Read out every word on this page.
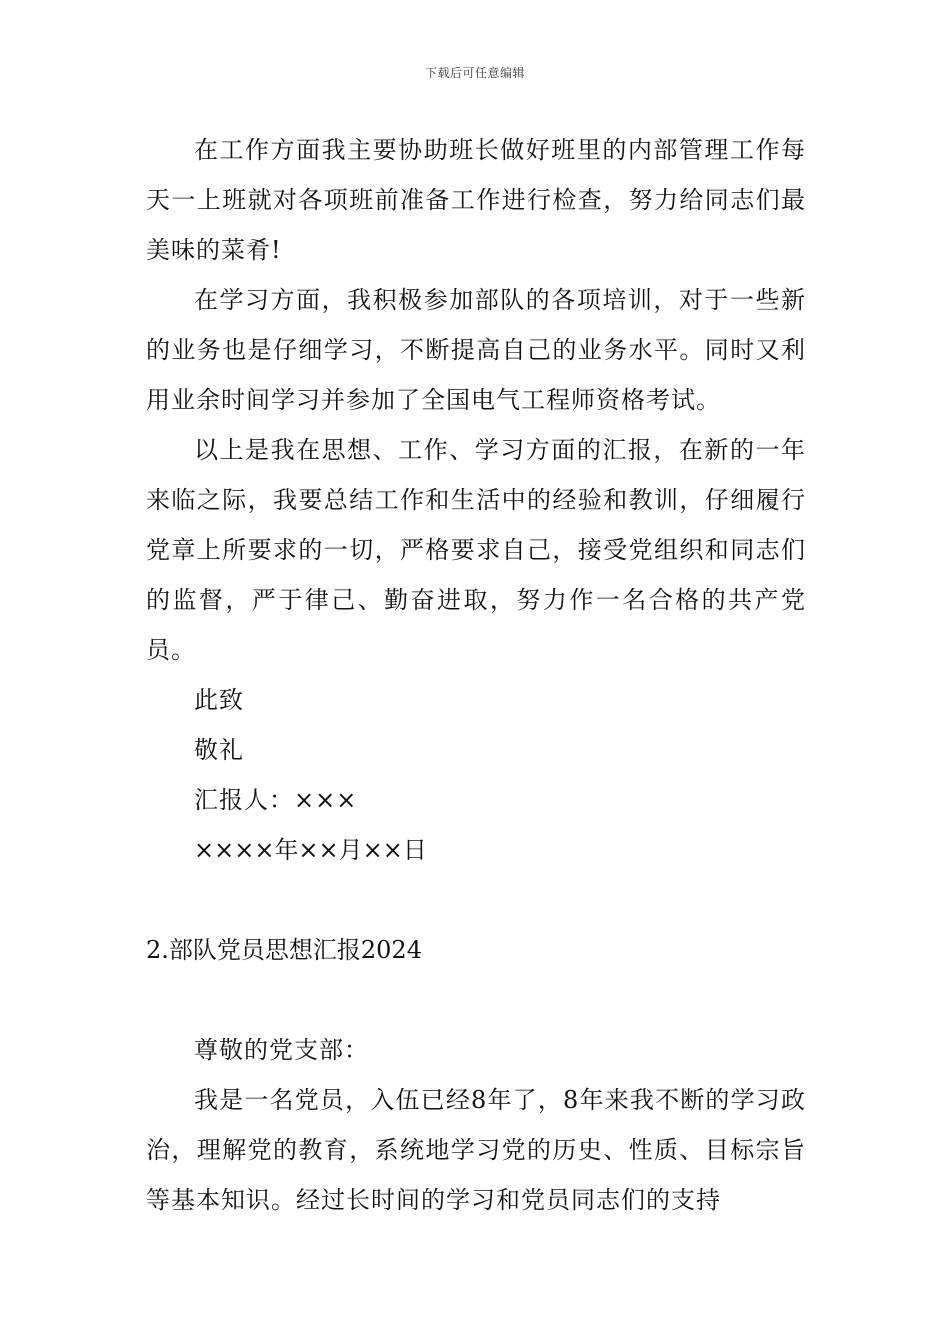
下载后可任意编辑

在工作方面我主要协助班长做好班里的内部管理工作每天一上班就对各项班前准备工作进行检查，努力给同志们最美味的菜肴!

在学习方面，我积极参加部队的各项培训，对于一些新的业务也是仔细学习，不断提高自己的业务水平。同时又利用业余时间学习并参加了全国电气工程师资格考试。

以上是我在思想、工作、学习方面的汇报，在新的一年来临之际，我要总结工作和生活中的经验和教训，仔细履行党章上所要求的一切，严格要求自己，接受党组织和同志们的监督，严于律己、勤奋进取，努力作一名合格的共产党员。

此致

敬礼

汇报人：×××

××××年××月××日

2.部队党员思想汇报2024

尊敬的党支部：

我是一名党员，入伍已经8年了，8年来我不断的学习政治，理解党的教育，系统地学习党的历史、性质、目标宗旨等基本知识。经过长时间的学习和党员同志们的支持
